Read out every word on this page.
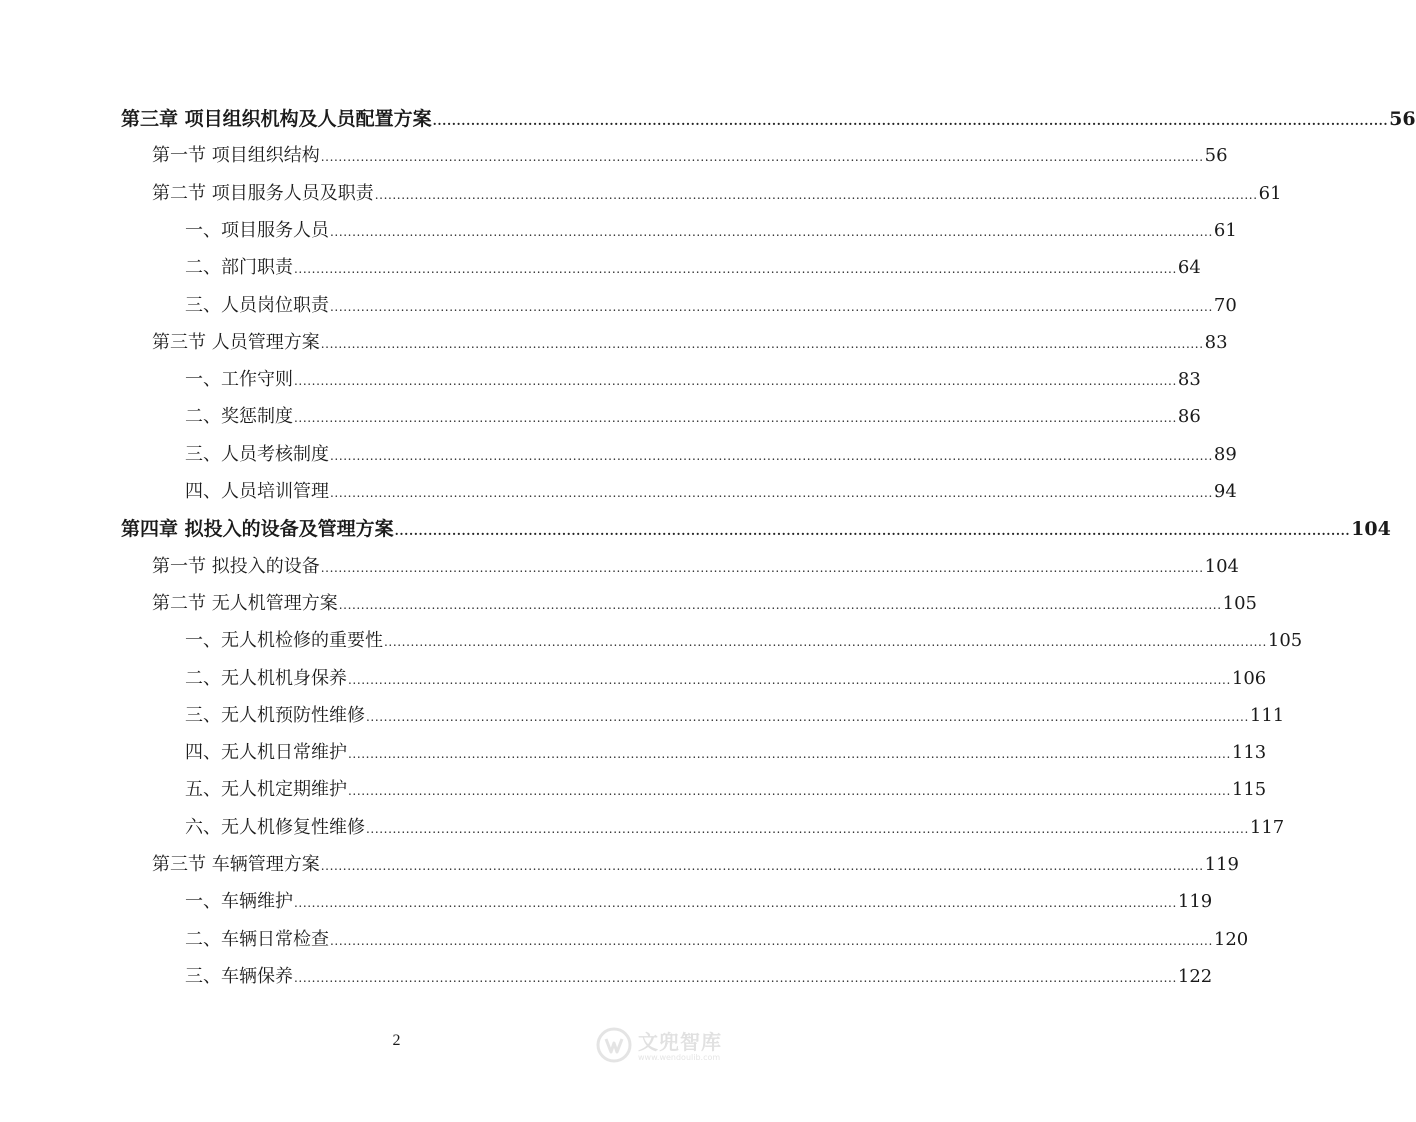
第三章 项目组织机构及人员配置方案 ........................................................................................................................................................................................................ 56
第一节 项目组织结构 ........................................................................................................................................................................................................ 56
第二节 项目服务人员及职责 ........................................................................................................................................................................................................ 61
一、项目服务人员 ........................................................................................................................................................................................................ 61
二、部门职责 ........................................................................................................................................................................................................ 64
三、人员岗位职责 ........................................................................................................................................................................................................ 70
第三节 人员管理方案 ........................................................................................................................................................................................................ 83
一、工作守则 ........................................................................................................................................................................................................ 83
二、奖惩制度 ........................................................................................................................................................................................................ 86
三、人员考核制度 ........................................................................................................................................................................................................ 89
四、人员培训管理 ........................................................................................................................................................................................................ 94
第四章 拟投入的设备及管理方案 ........................................................................................................................................................................................................ 104
第一节 拟投入的设备 ........................................................................................................................................................................................................ 104
第二节 无人机管理方案 ........................................................................................................................................................................................................ 105
一、无人机检修的重要性 ........................................................................................................................................................................................................ 105
二、无人机机身保养 ........................................................................................................................................................................................................ 106
三、无人机预防性维修 ........................................................................................................................................................................................................ 111
四、无人机日常维护 ........................................................................................................................................................................................................ 113
五、无人机定期维护 ........................................................................................................................................................................................................ 115
六、无人机修复性维修 ........................................................................................................................................................................................................ 117
第三节 车辆管理方案 ........................................................................................................................................................................................................ 119
一、车辆维护 ........................................................................................................................................................................................................ 119
二、车辆日常检查 ........................................................................................................................................................................................................ 120
三、车辆保养 ........................................................................................................................................................................................................ 122
2	文兜智库
www.wendoulib.com
